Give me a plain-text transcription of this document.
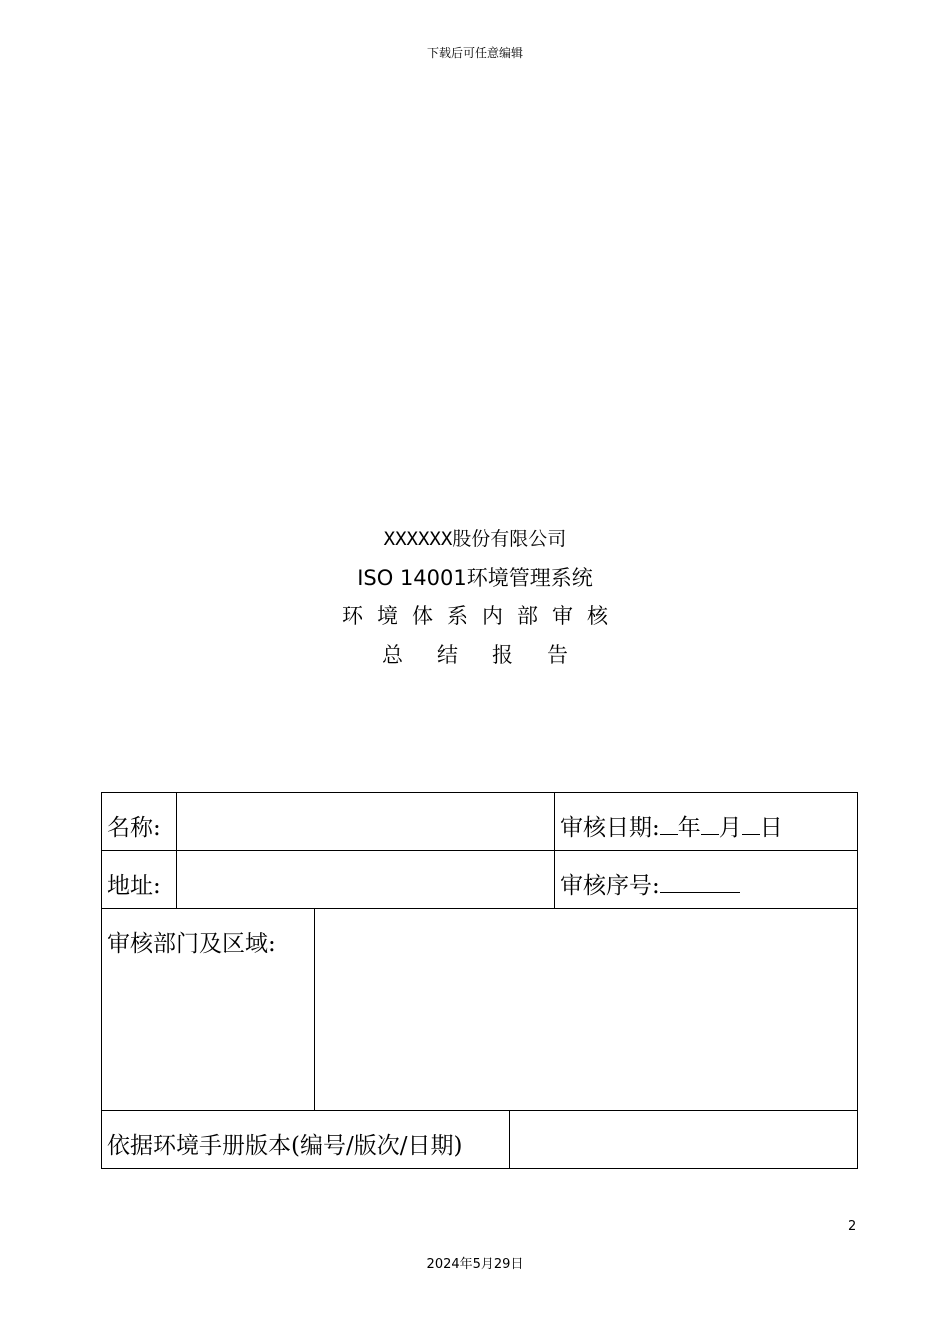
下载后可任意编辑
XXXXXX股份有限公司
ISO 14001环境管理系统
环境体系内部审核
总结报告
名称:	审核日期: 年 月 日
地址:	审核序号:
审核部门及区域:
依据环境手册版本(编号/版次/日期)
2
2024年5月29日
